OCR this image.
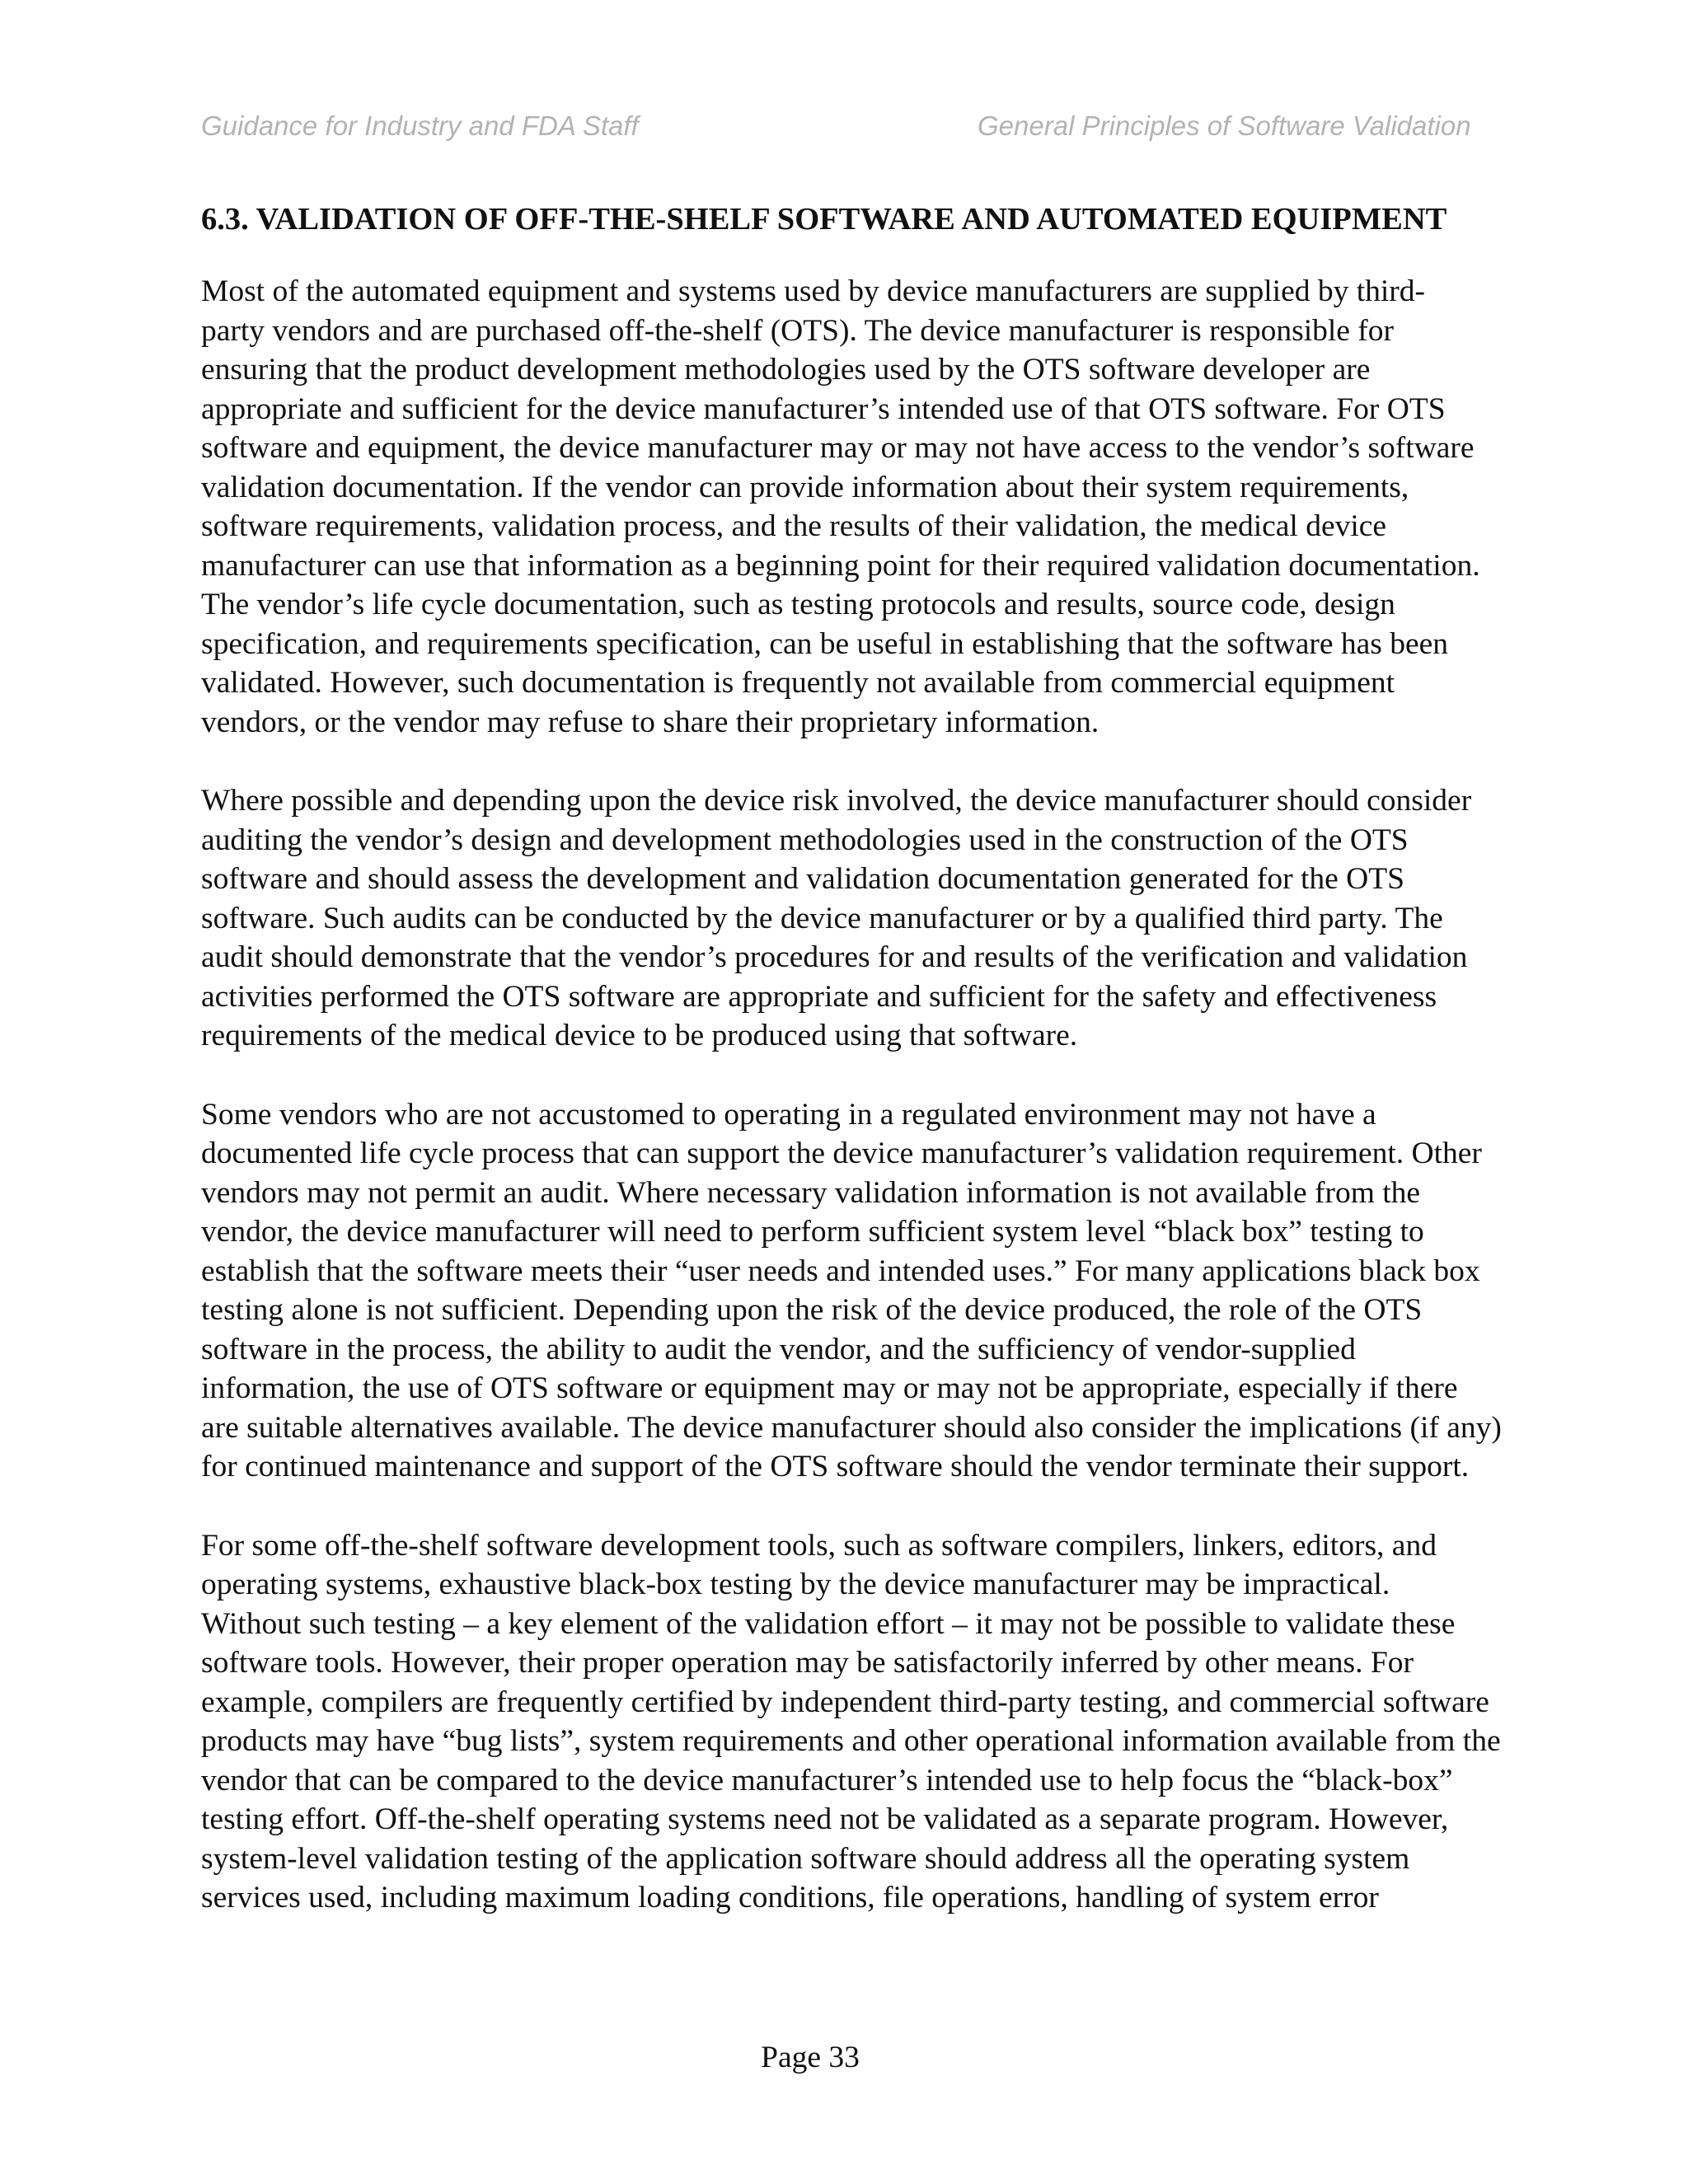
Guidance for Industry and FDA Staff	General Principles of Software Validation
6.3. VALIDATION OF OFF-THE-SHELF SOFTWARE AND AUTOMATED EQUIPMENT

Most of the automated equipment and systems used by device manufacturers are supplied by third-
party vendors and are purchased off-the-shelf (OTS). The device manufacturer is responsible for
ensuring that the product development methodologies used by the OTS software developer are
appropriate and sufficient for the device manufacturer’s intended use of that OTS software. For OTS
software and equipment, the device manufacturer may or may not have access to the vendor’s software
validation documentation. If the vendor can provide information about their system requirements,
software requirements, validation process, and the results of their validation, the medical device
manufacturer can use that information as a beginning point for their required validation documentation.
The vendor’s life cycle documentation, such as testing protocols and results, source code, design
specification, and requirements specification, can be useful in establishing that the software has been
validated. However, such documentation is frequently not available from commercial equipment
vendors, or the vendor may refuse to share their proprietary information.

Where possible and depending upon the device risk involved, the device manufacturer should consider
auditing the vendor’s design and development methodologies used in the construction of the OTS
software and should assess the development and validation documentation generated for the OTS
software. Such audits can be conducted by the device manufacturer or by a qualified third party. The
audit should demonstrate that the vendor’s procedures for and results of the verification and validation
activities performed the OTS software are appropriate and sufficient for the safety and effectiveness
requirements of the medical device to be produced using that software.

Some vendors who are not accustomed to operating in a regulated environment may not have a
documented life cycle process that can support the device manufacturer’s validation requirement. Other
vendors may not permit an audit. Where necessary validation information is not available from the
vendor, the device manufacturer will need to perform sufficient system level “black box” testing to
establish that the software meets their “user needs and intended uses.” For many applications black box
testing alone is not sufficient. Depending upon the risk of the device produced, the role of the OTS
software in the process, the ability to audit the vendor, and the sufficiency of vendor-supplied
information, the use of OTS software or equipment may or may not be appropriate, especially if there
are suitable alternatives available. The device manufacturer should also consider the implications (if any)
for continued maintenance and support of the OTS software should the vendor terminate their support.

For some off-the-shelf software development tools, such as software compilers, linkers, editors, and
operating systems, exhaustive black-box testing by the device manufacturer may be impractical.
Without such testing – a key element of the validation effort – it may not be possible to validate these
software tools. However, their proper operation may be satisfactorily inferred by other means. For
example, compilers are frequently certified by independent third-party testing, and commercial software
products may have “bug lists”, system requirements and other operational information available from the
vendor that can be compared to the device manufacturer’s intended use to help focus the “black-box”
testing effort. Off-the-shelf operating systems need not be validated as a separate program. However,
system-level validation testing of the application software should address all the operating system
services used, including maximum loading conditions, file operations, handling of system error

Page 33
